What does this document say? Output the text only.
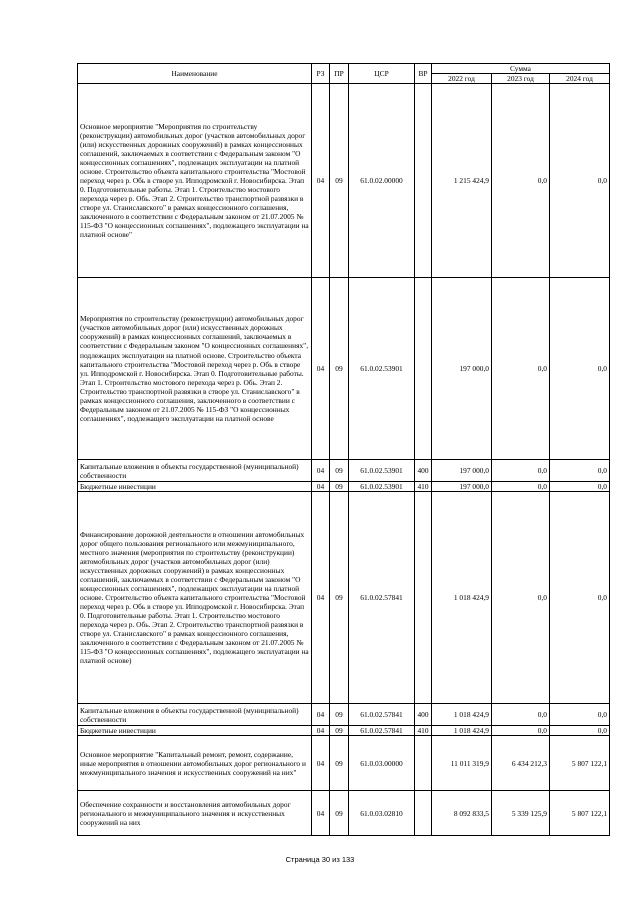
Наименование	РЗ	ПР	ЦСР	ВР	Сумма		
					2022 год	2023 год	2024 год
Основное мероприятие "Мероприятия по строительству (реконструкции) автомобильных дорог (участков автомобильных дорог (или) искусственных дорожных сооружений) в рамках концессионных соглашений, заключаемых в соответствии с Федеральным законом "О концессионных соглашениях", подлежащих эксплуатации на платной основе. Строительство объекта капитального строительства "Мостовой переход через р. Обь в створе ул. Ипподромской г. Новосибирска. Этап 0. Подготовительные работы. Этап 1. Строительство мостового перехода через р. Обь. Этап 2. Строительство транспортной развязки в створе ул. Станиславского" в рамках концессионного соглашения, заключенного в соответствии с Федеральным законом от 21.07.2005 № 115-ФЗ "О концессионных соглашениях", подлежащего эксплуатации на платной основе"	04	09	61.0.02.00000		1 215 424,9	0,0	0,0
Мероприятия по строительству (реконструкции) автомобильных дорог (участков автомобильных дорог (или) искусственных дорожных сооружений) в рамках концессионных соглашений, заключаемых в соответствии с Федеральным законом "О концессионных соглашениях", подлежащих эксплуатации на платной основе. Строительство объекта капитального строительства "Мостовой переход через р. Обь в створе ул. Ипподромской г. Новосибирска. Этап 0. Подготовительные работы. Этап 1. Строительство мостового перехода через р. Обь. Этап 2. Строительство транспортной развязки в створе ул. Станиславского" в рамках концессионного соглашения, заключенного в соответствии с Федеральным законом от 21.07.2005 № 115-ФЗ "О концессионных соглашениях", подлежащего эксплуатации на платной основе	04	09	61.0.02.53901		197 000,0	0,0	0,0
Капитальные вложения в объекты государственной (муниципальной) собственности	04	09	61.0.02.53901	400	197 000,0	0,0	0,0
Бюджетные инвестиции	04	09	61.0.02.53901	410	197 000,0	0,0	0,0
Финансирование дорожной деятельности в отношении автомобильных дорог общего пользования регионального или межмуниципального, местного значения (мероприятия по строительству (реконструкции) автомобильных дорог (участков автомобильных дорог (или) искусственных дорожных сооружений) в рамках концессионных соглашений, заключаемых в соответствии с Федеральным законом "О концессионных соглашениях", подлежащих эксплуатации на платной основе. Строительство объекта капитального строительства "Мостовой переход через р. Обь в створе ул. Ипподромской г. Новосибирска. Этап 0. Подготовительные работы. Этап 1. Строительство мостового перехода через р. Обь. Этап 2. Строительство транспортной развязки в створе ул. Станиславского" в рамках концессионного соглашения, заключенного в соответствии с Федеральным законом от 21.07.2005 № 115-ФЗ "О концессионных соглашениях", подлежащего эксплуатации на платной основе)	04	09	61.0.02.57841		1 018 424,9	0,0	0,0
Капитальные вложения в объекты государственной (муниципальной) собственности	04	09	61.0.02.57841	400	1 018 424,9	0,0	0,0
Бюджетные инвестиции	04	09	61.0.02.57841	410	1 018 424,9	0,0	0,0
Основное мероприятие "Капитальный ремонт, ремонт, содержание, иные мероприятия в отношении автомобильных дорог регионального и межмуниципального значения и искусственных сооружений на них"	04	09	61.0.03.00000		11 011 319,9	6 434 212,3	5 807 122,1
Обеспечение сохранности и восстановления автомобильных дорог регионального и межмуниципального значения и искусственных сооружений на них	04	09	61.0.03.02810		8 092 833,5	5 339 125,9	5 807 122,1
Страница 30 из 133
